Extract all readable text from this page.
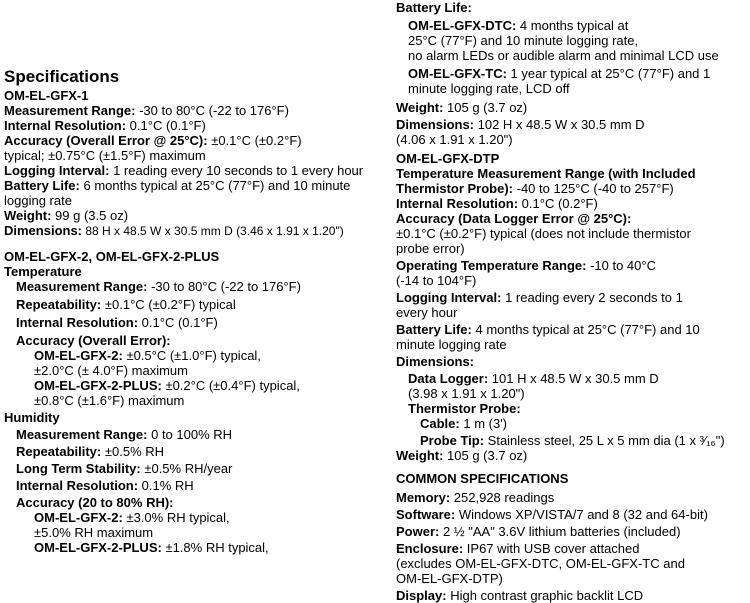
Specifications
OM-EL-GFX-1
Measurement Range: -30 to 80°C (-22 to 176°F)
Internal Resolution: 0.1°C (0.1°F)
Accuracy (Overall Error @ 25°C): ±0.1°C (±0.2°F)
typical; ±0.75°C (±1.5°F) maximum
Logging Interval: 1 reading every 10 seconds to 1 every hour
Battery Life: 6 months typical at 25°C (77°F) and 10 minute
logging rate
Weight: 99 g (3.5 oz)
Dimensions: 88 H x 48.5 W x 30.5 mm D (3.46 x 1.91 x 1.20")
OM-EL-GFX-2, OM-EL-GFX-2-PLUS
Temperature
Measurement Range: -30 to 80°C (-22 to 176°F)
Repeatability: ±0.1°C (±0.2°F) typical
Internal Resolution: 0.1°C (0.1°F)
Accuracy (Overall Error):
OM-EL-GFX-2: ±0.5°C (±1.0°F) typical,
±2.0°C (± 4.0°F) maximum
OM-EL-GFX-2-PLUS: ±0.2°C (±0.4°F) typical,
±0.8°C (±1.6°F) maximum
Humidity
Measurement Range: 0 to 100% RH
Repeatability: ±0.5% RH
Long Term Stability: ±0.5% RH/year
Internal Resolution: 0.1% RH
Accuracy (20 to 80% RH):
OM-EL-GFX-2: ±3.0% RH typical,
±5.0% RH maximum
OM-EL-GFX-2-PLUS: ±1.8% RH typical,
Battery Life:
OM-EL-GFX-DTC: 4 months typical at
25°C (77°F) and 10 minute logging rate,
no alarm LEDs or audible alarm and minimal LCD use
OM-EL-GFX-TC: 1 year typical at 25°C (77°F) and 1
minute logging rate, LCD off
Weight: 105 g (3.7 oz)
Dimensions: 102 H x 48.5 W x 30.5 mm D
(4.06 x 1.91 x 1.20")
OM-EL-GFX-DTP
Temperature Measurement Range (with Included
Thermistor Probe): -40 to 125°C (-40 to 257°F)
Internal Resolution: 0.1°C (0.2°F)
Accuracy (Data Logger Error @ 25°C):
±0.1°C (±0.2°F) typical (does not include thermistor
probe error)
Operating Temperature Range: -10 to 40°C
(-14 to 104°F)
Logging Interval: 1 reading every 2 seconds to 1
every hour
Battery Life: 4 months typical at 25°C (77°F) and 10
minute logging rate
Dimensions:
Data Logger: 101 H x 48.5 W x 30.5 mm D
(3.98 x 1.91 x 1.20")
Thermistor Probe:
Cable: 1 m (3')
Probe Tip: Stainless steel, 25 L x 5 mm dia (1 x ³⁄₁₆")
Weight: 105 g (3.7 oz)
COMMON SPECIFICATIONS
Memory: 252,928 readings
Software: Windows XP/VISTA/7 and 8 (32 and 64-bit)
Power: 2 ½ "AA" 3.6V lithium batteries (included)
Enclosure: IP67 with USB cover attached
(excludes OM-EL-GFX-DTC, OM-EL-GFX-TC and
OM-EL-GFX-DTP)
Display: High contrast graphic backlit LCD
